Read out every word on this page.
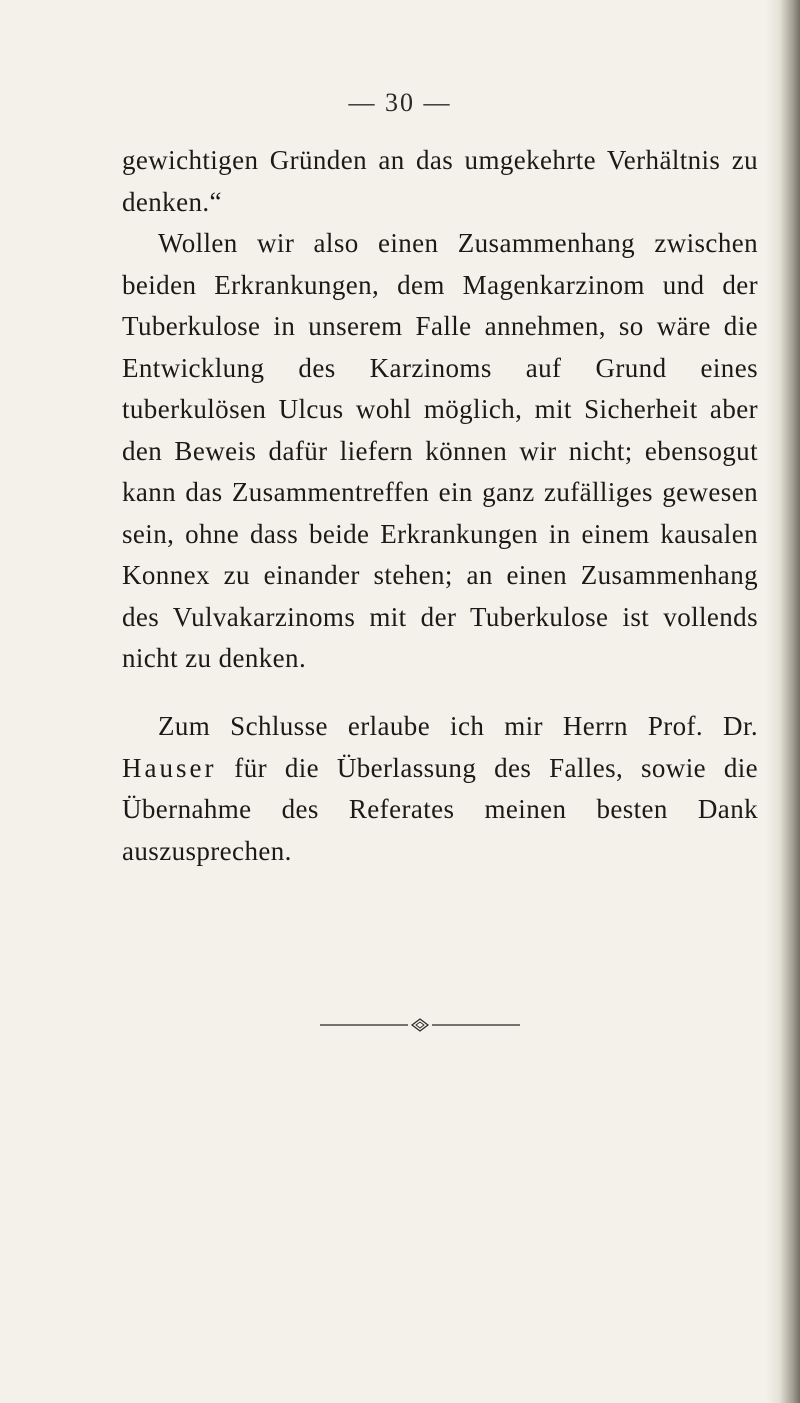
— 30 —

gewichtigen Gründen an das umgekehrte Verhältnis zu denken.“

Wollen wir also einen Zusammenhang zwischen beiden Erkrankungen, dem Magenkarzinom und der Tuberkulose in unserem Falle annehmen, so wäre die Entwicklung des Karzinoms auf Grund eines tuberkulösen Ulcus wohl möglich, mit Sicherheit aber den Beweis dafür liefern können wir nicht; ebensogut kann das Zusammentreffen ein ganz zufälliges gewesen sein, ohne dass beide Erkrankungen in einem kausalen Konnex zu einander stehen; an einen Zusammenhang des Vulvakarzinoms mit der Tuberkulose ist vollends nicht zu denken.

Zum Schlusse erlaube ich mir Herrn Prof. Dr. Hauser für die Überlassung des Falles, sowie die Übernahme des Referates meinen besten Dank auszusprechen.
